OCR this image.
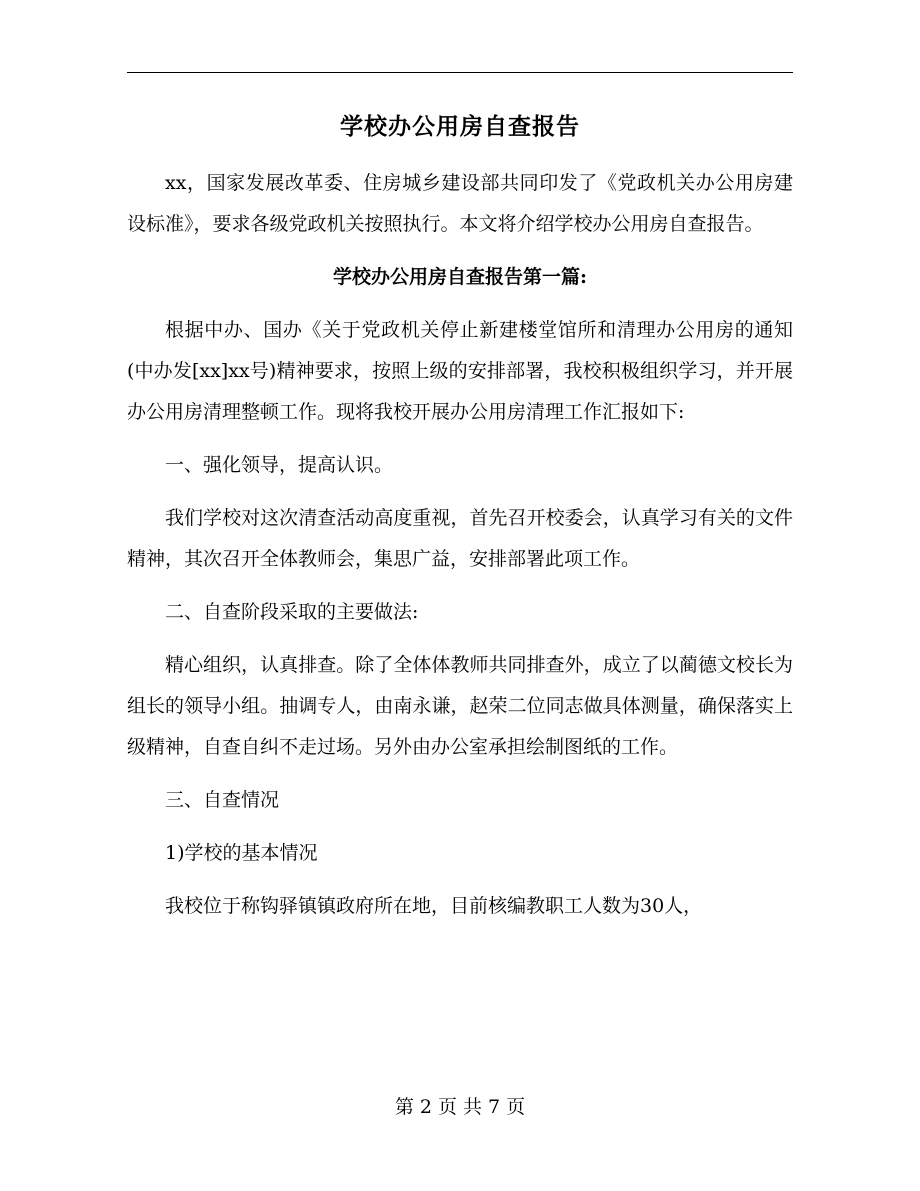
学校办公用房自查报告

xx，国家发展改革委、住房城乡建设部共同印发了《党政机关办公用房建设标准》，要求各级党政机关按照执行。本文将介绍学校办公用房自查报告。

学校办公用房自查报告第一篇:

根据中办、国办《关于党政机关停止新建楼堂馆所和清理办公用房的通知(中办发[xx]xx号)精神要求，按照上级的安排部署，我校积极组织学习，并开展办公用房清理整顿工作。现将我校开展办公用房清理工作汇报如下:

一、强化领导，提高认识。

我们学校对这次清查活动高度重视，首先召开校委会，认真学习有关的文件精神，其次召开全体教师会，集思广益，安排部署此项工作。

二、自查阶段采取的主要做法:

精心组织，认真排查。除了全体体教师共同排查外，成立了以蔺德文校长为组长的领导小组。抽调专人，由南永谦，赵荣二位同志做具体测量，确保落实上级精神，自查自纠不走过场。另外由办公室承担绘制图纸的工作。

三、自查情况

1)学校的基本情况

我校位于称钩驿镇镇政府所在地，目前核编教职工人数为30人，

第 2 页 共 7 页
